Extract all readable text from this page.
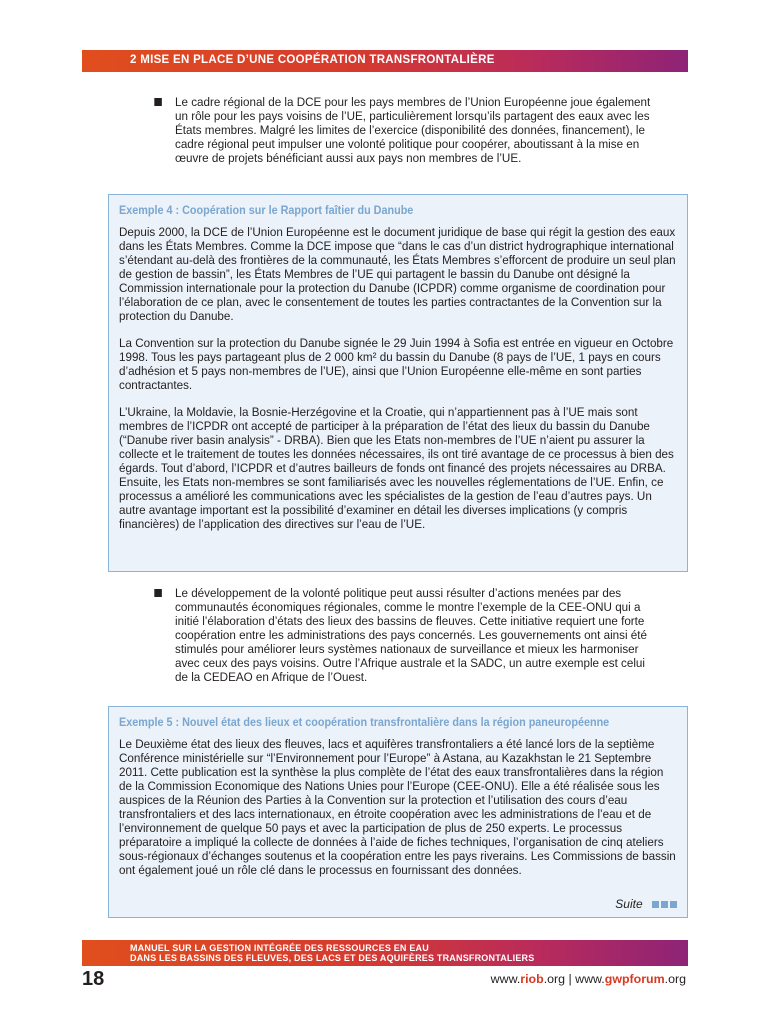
2 MISE EN PLACE D’UNE COOPÉRATION TRANSFRONTALIÈRE
Le cadre régional de la DCE pour les pays membres de l’Union Européenne joue également un rôle pour les pays voisins de l’UE, particulièrement lorsqu’ils partagent des eaux avec les États membres. Malgré les limites de l’exercice (disponibilité des données, financement), le cadre régional peut impulser une volonté politique pour coopérer, aboutissant à la mise en œuvre de projets bénéficiant aussi aux pays non membres de l’UE.
Exemple 4 : Coopération sur le Rapport faîtier du Danube

Depuis 2000, la DCE de l’Union Européenne est le document juridique de base qui régit la gestion des eaux dans les États Membres. Comme la DCE impose que “dans le cas d’un district hydrographique international s’étendant au-delà des frontières de la communauté, les États Membres s’efforcent de produire un seul plan de gestion de bassin”, les États Membres de l’UE qui partagent le bassin du Danube ont désigné la Commission internationale pour la protection du Danube (ICPDR) comme organisme de coordination pour l’élaboration de ce plan, avec le consentement de toutes les parties contractantes de la Convention sur la protection du Danube.

La Convention sur la protection du Danube signée le 29 Juin 1994 à Sofia est entrée en vigueur en Octobre 1998. Tous les pays partageant plus de 2 000 km² du bassin du Danube (8 pays de l’UE, 1 pays en cours d’adhésion et 5 pays non-membres de l’UE), ainsi que l’Union Européenne elle-même en sont parties contractantes.

L’Ukraine, la Moldavie, la Bosnie-Herzégovine et la Croatie, qui n’appartiennent pas à l’UE mais sont membres de l’ICPDR ont accepté de participer à la préparation de l’état des lieux du bassin du Danube (“Danube river basin analysis” - DRBA). Bien que les Etats non-membres de l’UE n’aient pu assurer la collecte et le traitement de toutes les données nécessaires, ils ont tiré avantage de ce processus à bien des égards. Tout d’abord, l’ICPDR et d’autres bailleurs de fonds ont financé des projets nécessaires au DRBA. Ensuite, les Etats non-membres se sont familiarisés avec les nouvelles réglementations de l’UE. Enfin, ce processus a amélioré les communications avec les spécialistes de la gestion de l’eau d’autres pays. Un autre avantage important est la possibilité d’examiner en détail les diverses implications (y compris financières) de l’application des directives sur l’eau de l’UE.

Le développement de la volonté politique peut aussi résulter d’actions menées par des communautés économiques régionales, comme le montre l’exemple de la CEE-ONU qui a initié l’élaboration d’états des lieux des bassins de fleuves. Cette initiative requiert une forte coopération entre les administrations des pays concernés. Les gouvernements ont ainsi été stimulés pour améliorer leurs systèmes nationaux de surveillance et mieux les harmoniser avec ceux des pays voisins. Outre l’Afrique australe et la SADC, un autre exemple est celui de la CEDEAO en Afrique de l’Ouest.
Exemple 5 : Nouvel état des lieux et coopération transfrontalière dans la région paneuropéenne

Le Deuxième état des lieux des fleuves, lacs et aquifères transfrontaliers a été lancé lors de la septième Conférence ministérielle sur “l’Environnement pour l’Europe” à Astana, au Kazakhstan le 21 Septembre 2011. Cette publication est la synthèse la plus complète de l’état des eaux transfrontalières dans la région de la Commission Economique des Nations Unies pour l’Europe (CEE-ONU). Elle a été réalisée sous les auspices de la Réunion des Parties à la Convention sur la protection et l’utilisation des cours d’eau transfrontaliers et des lacs internationaux, en étroite coopération avec les administrations de l’eau et de l’environnement de quelque 50 pays et avec la participation de plus de 250 experts. Le processus préparatoire a impliqué la collecte de données à l’aide de fiches techniques, l’organisation de cinq ateliers sous-régionaux d’échanges soutenus et la coopération entre les pays riverains. Les Commissions de bassin ont également joué un rôle clé dans le processus en fournissant des données.

Suite
MANUEL SUR LA GESTION INTÉGRÉE DES RESSOURCES EN EAU
DANS LES BASSINS DES FLEUVES, DES LACS ET DES AQUIFÈRES TRANSFRONTALIERS
18	www.riob.org | www.gwpforum.org
